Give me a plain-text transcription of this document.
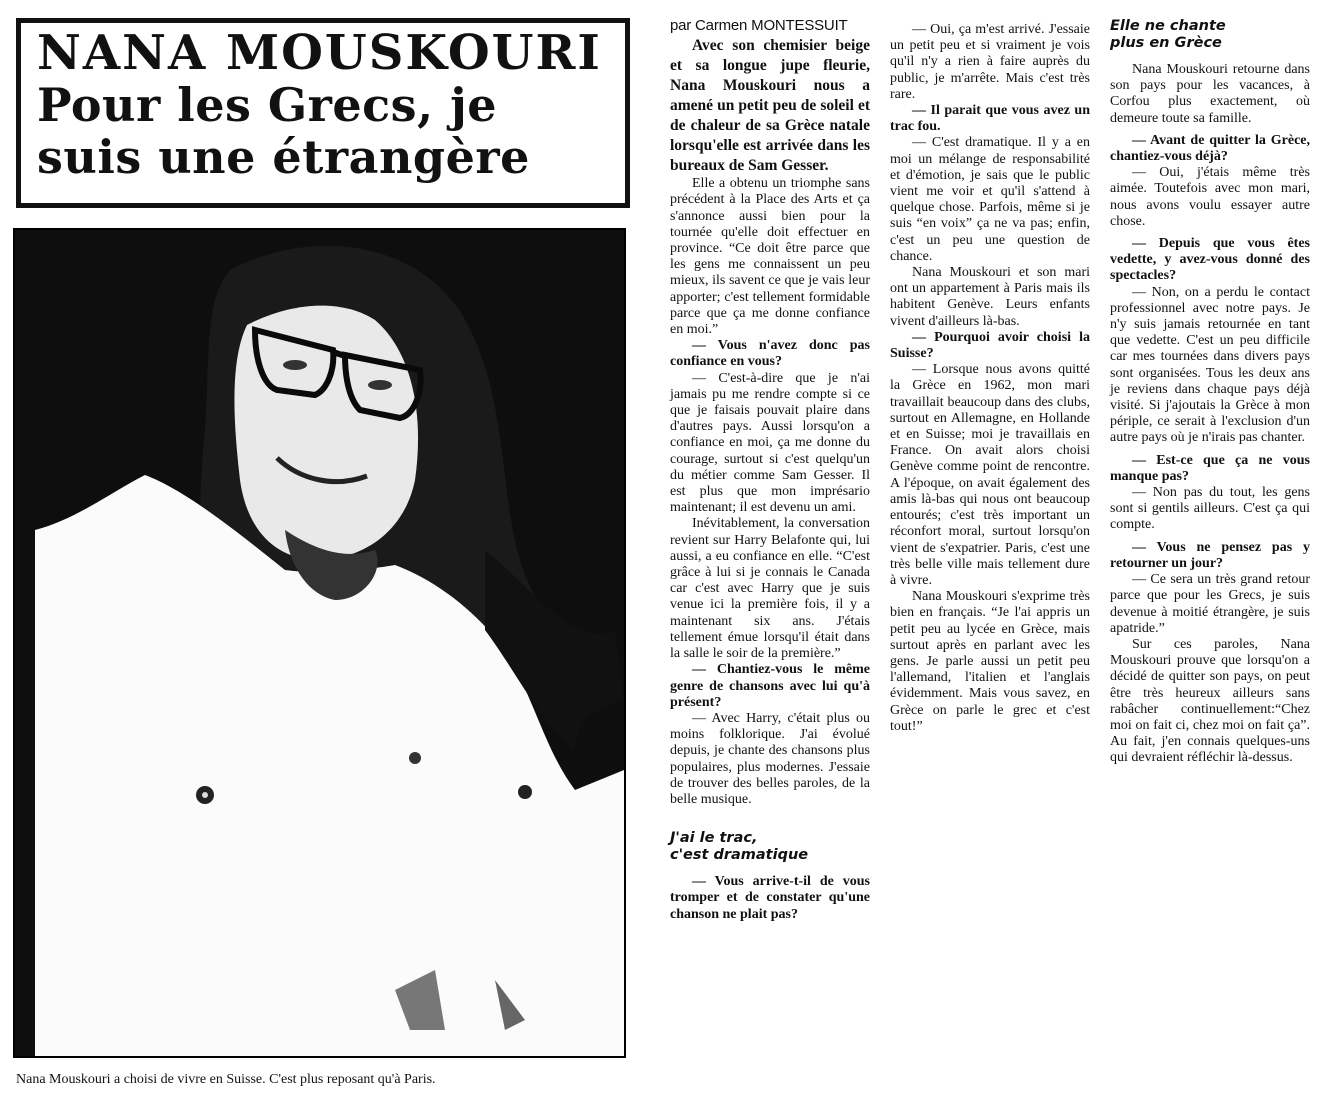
NANA MOUSKOURI
Pour les Grecs, je
suis une étrangère
Nana Mouskouri a choisi de vivre en Suisse. C'est plus reposant qu'à Paris.

par Carmen MONTESSUIT

Avec son chemisier beige et sa longue jupe fleurie, Nana Mouskouri nous a amené un petit peu de soleil et de chaleur de sa Grèce natale lorsqu'elle est arrivée dans les bureaux de Sam Gesser.

Elle a obtenu un triomphe sans précédent à la Place des Arts et ça s'annonce aussi bien pour la tournée qu'elle doit effectuer en province. “Ce doit être parce que les gens me connaissent un peu mieux, ils savent ce que je vais leur apporter; c'est tellement formidable parce que ça me donne confiance en moi.”

— Vous n'avez donc pas confiance en vous?

— C'est-à-dire que je n'ai jamais pu me rendre compte si ce que je faisais pouvait plaire dans d'autres pays. Aussi lorsqu'on a confiance en moi, ça me donne du courage, surtout si c'est quelqu'un du métier comme Sam Gesser. Il est plus que mon imprésario maintenant; il est devenu un ami.

Inévitablement, la conversation revient sur Harry Belafonte qui, lui aussi, a eu confiance en elle. “C'est grâce à lui si je connais le Canada car c'est avec Harry que je suis venue ici la première fois, il y a maintenant six ans. J'étais tellement émue lorsqu'il était dans la salle le soir de la première.”

— Chantiez-vous le même genre de chansons avec lui qu'à présent?

— Avec Harry, c'était plus ou moins folklorique. J'ai évolué depuis, je chante des chansons plus populaires, plus modernes. J'essaie de trouver des belles paroles, de la belle musique.

J'ai le trac,
c'est dramatique

— Vous arrive-t-il de vous tromper et de constater qu'une chanson ne plait pas?

— Oui, ça m'est arrivé. J'essaie un petit peu et si vraiment je vois qu'il n'y a rien à faire auprès du public, je m'arrête. Mais c'est très rare.

— Il parait que vous avez un trac fou.

— C'est dramatique. Il y a en moi un mélange de responsabilité et d'émotion, je sais que le public vient me voir et qu'il s'attend à quelque chose. Parfois, même si je suis “en voix” ça ne va pas; enfin, c'est un peu une question de chance.

Nana Mouskouri et son mari ont un appartement à Paris mais ils habitent Genève. Leurs enfants vivent d'ailleurs là-bas.

— Pourquoi avoir choisi la Suisse?

— Lorsque nous avons quitté la Grèce en 1962, mon mari travaillait beaucoup dans des clubs, surtout en Allemagne, en Hollande et en Suisse; moi je travaillais en France. On avait alors choisi Genève comme point de rencontre. A l'époque, on avait également des amis là-bas qui nous ont beaucoup entourés; c'est très important un réconfort moral, surtout lorsqu'on vient de s'expatrier. Paris, c'est une très belle ville mais tellement dure à vivre.

Nana Mouskouri s'exprime très bien en français. “Je l'ai appris un petit peu au lycée en Grèce, mais surtout après en parlant avec les gens. Je parle aussi un petit peu l'allemand, l'italien et l'anglais évidemment. Mais vous savez, en Grèce on parle le grec et c'est tout!”

Elle ne chante
plus en Grèce

Nana Mouskouri retourne dans son pays pour les vacances, à Corfou plus exactement, où demeure toute sa famille.

— Avant de quitter la Grèce, chantiez-vous déjà?

— Oui, j'étais même très aimée. Toutefois avec mon mari, nous avons voulu essayer autre chose.

— Depuis que vous êtes vedette, y avez-vous donné des spectacles?

— Non, on a perdu le contact professionnel avec notre pays. Je n'y suis jamais retournée en tant que vedette. C'est un peu difficile car mes tournées dans divers pays sont organisées. Tous les deux ans je reviens dans chaque pays déjà visité. Si j'ajoutais la Grèce à mon périple, ce serait à l'exclusion d'un autre pays où je n'irais pas chanter.

— Est-ce que ça ne vous manque pas?

— Non pas du tout, les gens sont si gentils ailleurs. C'est ça qui compte.

— Vous ne pensez pas y retourner un jour?

— Ce sera un très grand retour parce que pour les Grecs, je suis devenue à moitié étrangère, je suis apatride.”

Sur ces paroles, Nana Mouskouri prouve que lorsqu'on a décidé de quitter son pays, on peut être très heureux ailleurs sans rabâcher continuellement:“Chez moi on fait ci, chez moi on fait ça”. Au fait, j'en connais quelques-uns qui devraient réfléchir là-dessus.
